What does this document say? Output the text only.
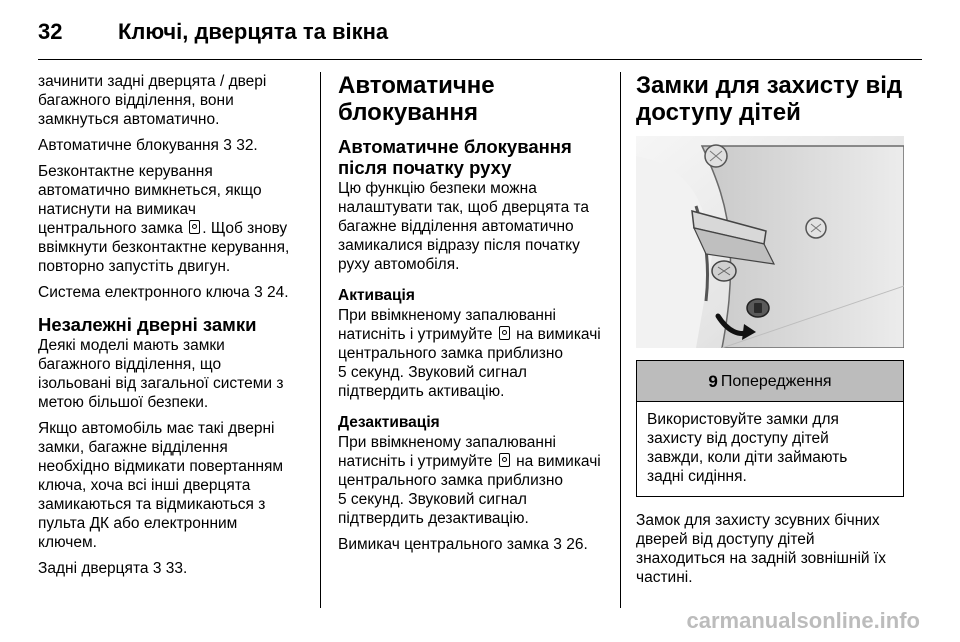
32	Ключі, дверцята та вікна

зачинити задні дверцята / двері
багажного відділення, вони
замкнуться автоматично.

Автоматичне блокування 3 32.

Безконтактне керування
автоматично вимкнеться, якщо
натиснути на вимикач
центрального замка . Щоб знову
ввімкнути безконтактне керування,
повторно запустіть двигун.

Система електронного ключа 3 24.

Незалежні дверні замки

Деякі моделі мають замки
багажного відділення, що
ізольовані від загальної системи з
метою більшої безпеки.

Якщо автомобіль має такі дверні
замки, багажне відділення
необхідно відмикати повертанням
ключа, хоча всі інші дверцята
замикаються та відмикаються з
пульта ДК або електронним
ключем.

Задні дверцята 3 33.

Автоматичне блокування
Автоматичне блокування
після початку руху

Цю функцію безпеки можна
налаштувати так, щоб дверцята та
багажне відділення автоматично
замикалися відразу після початку
руху автомобіля.

Активація

При ввімкненому запалюванні
натисніть і утримуйте  на вимикачі
центрального замка приблизно
5 секунд. Звуковий сигнал
підтвердить активацію.

Дезактивація

При ввімкненому запалюванні
натисніть і утримуйте  на вимикачі
центрального замка приблизно
5 секунд. Звуковий сигнал
підтвердить дезактивацію.

Вимикач центрального замка 3 26.

Замки для захисту від
доступу дітей
9 Попередження
Використовуйте замки для
захисту від доступу дітей
завжди, коли діти займають
задні сидіння.

Замок для захисту зсувних бічних
дверей від доступу дітей
знаходиться на задній зовнішній їх
частині.

carmanualsonline.info
